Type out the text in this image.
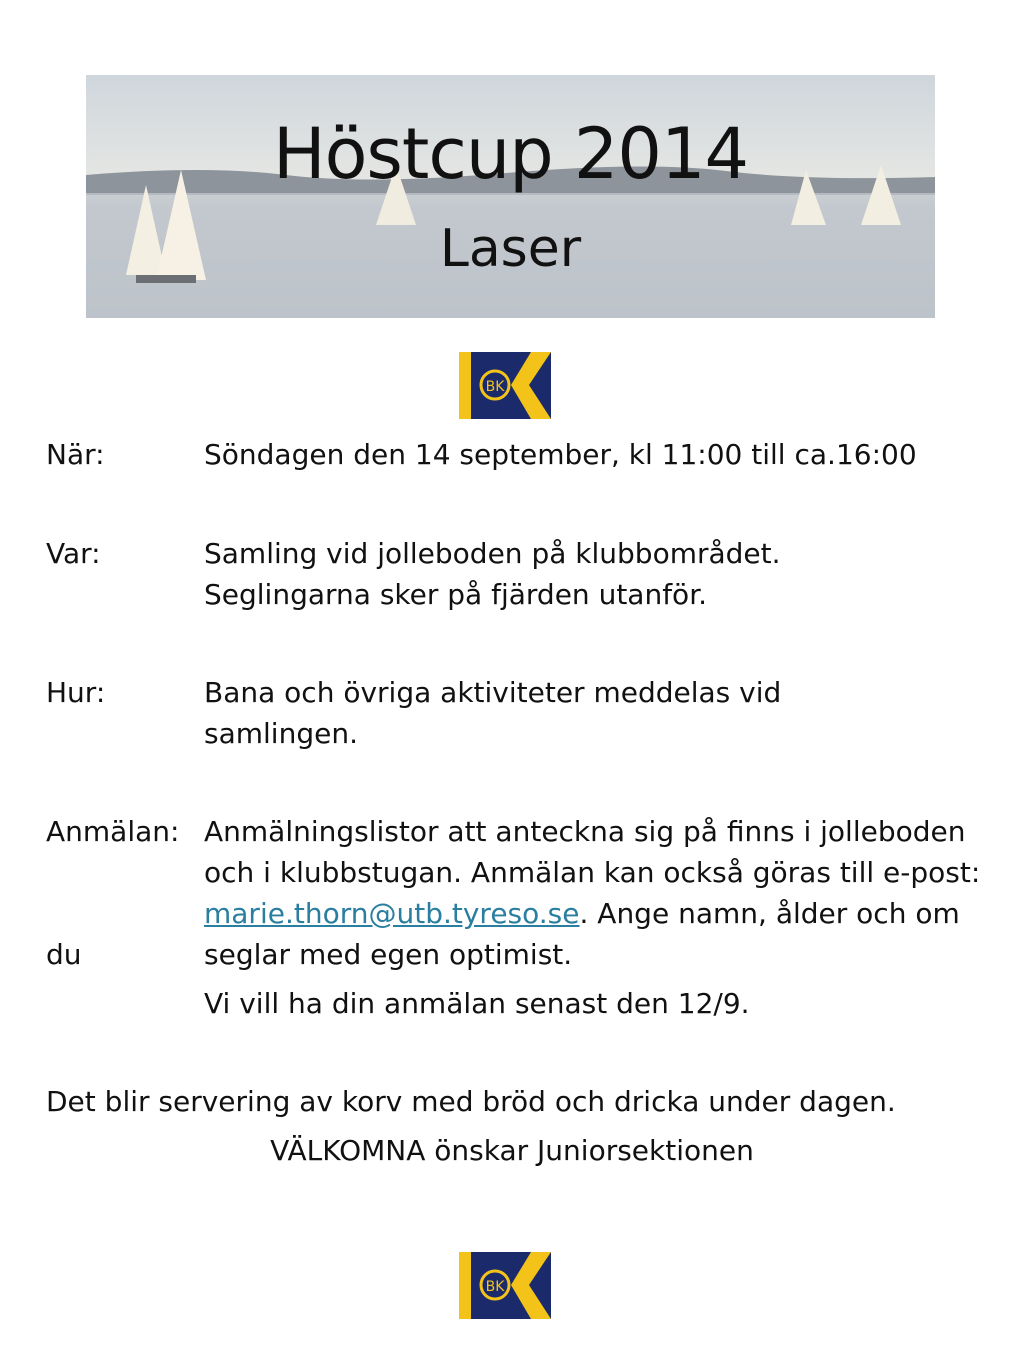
Höstcup 2014
Laser
BK
När:	Söndagen den 14 september, kl 11:00 till ca.16:00
Var:	Samling vid jolleboden på klubbområdet.
Seglingarna sker på fjärden utanför.
Hur:	Bana och övriga aktiviteter meddelas vid
samlingen.
Anmälan: Anmälningslistor att anteckna sig på finns i jolleboden
och i klubbstugan. Anmälan kan också göras till e-post:
marie.thorn@utb.tyreso.se. Ange namn, ålder och om
du	seglar med egen optimist.
Vi vill ha din anmälan senast den 12/9.
Det blir servering av korv med bröd och dricka under dagen.
VÄLKOMNA önskar Juniorsektionen
BK
